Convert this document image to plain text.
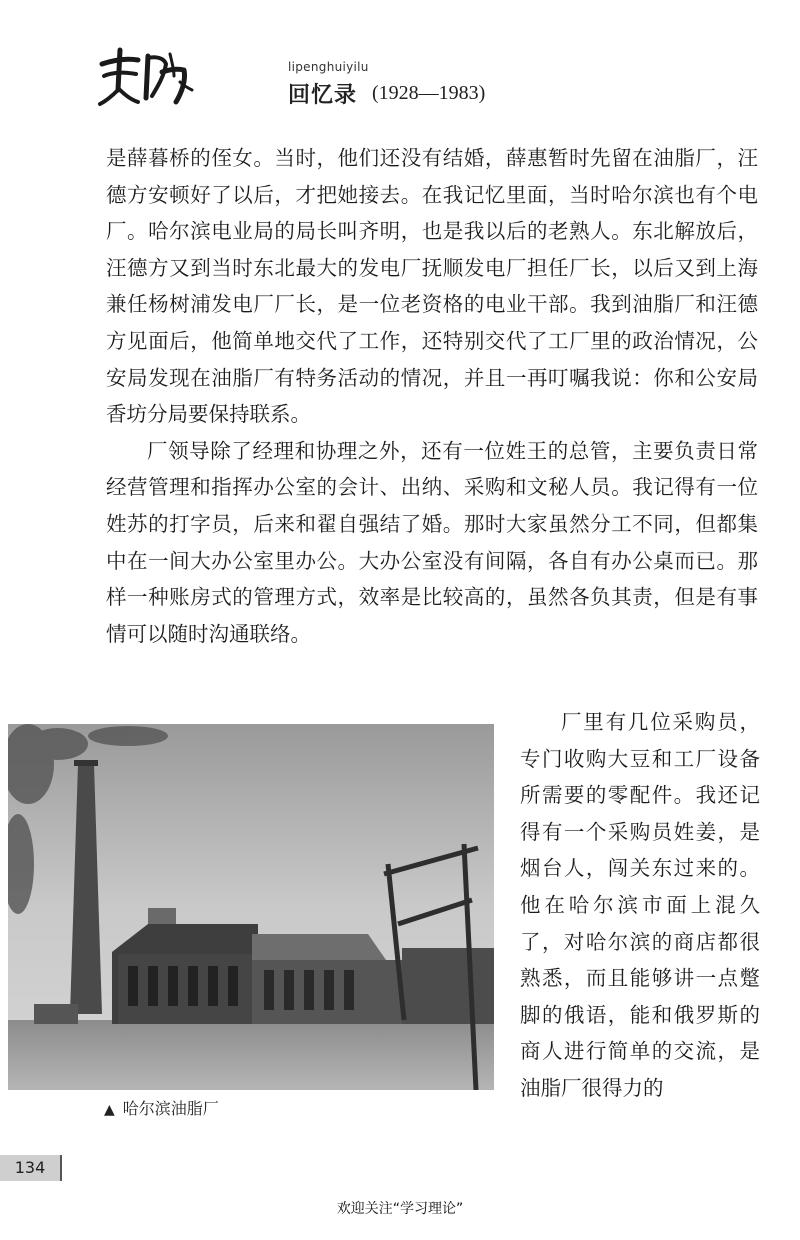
lipenghuiyilu
回忆录 (1928—1983)

是薛暮桥的侄女。当时，他们还没有结婚，薛惠暂时先留在油脂厂，汪德方安顿好了以后，才把她接去。在我记忆里面，当时哈尔滨也有个电厂。哈尔滨电业局的局长叫齐明，也是我以后的老熟人。东北解放后，汪德方又到当时东北最大的发电厂抚顺发电厂担任厂长，以后又到上海兼任杨树浦发电厂厂长，是一位老资格的电业干部。我到油脂厂和汪德方见面后，他简单地交代了工作，还特别交代了工厂里的政治情况，公安局发现在油脂厂有特务活动的情况，并且一再叮嘱我说：你和公安局香坊分局要保持联系。

厂领导除了经理和协理之外，还有一位姓王的总管，主要负责日常经营管理和指挥办公室的会计、出纳、采购和文秘人员。我记得有一位姓苏的打字员，后来和翟自强结了婚。那时大家虽然分工不同，但都集中在一间大办公室里办公。大办公室没有间隔，各自有办公桌而已。那样一种账房式的管理方式，效率是比较高的，虽然各负其责，但是有事情可以随时沟通联络。

▲ 哈尔滨油脂厂

厂里有几位采购员，专门收购大豆和工厂设备所需要的零配件。我还记得有一个采购员姓姜，是烟台人，闯关东过来的。他在哈尔滨市面上混久了，对哈尔滨的商店都很熟悉，而且能够讲一点蹩脚的俄语，能和俄罗斯的商人进行简单的交流，是油脂厂很得力的

134
欢迎关注“学习理论”
